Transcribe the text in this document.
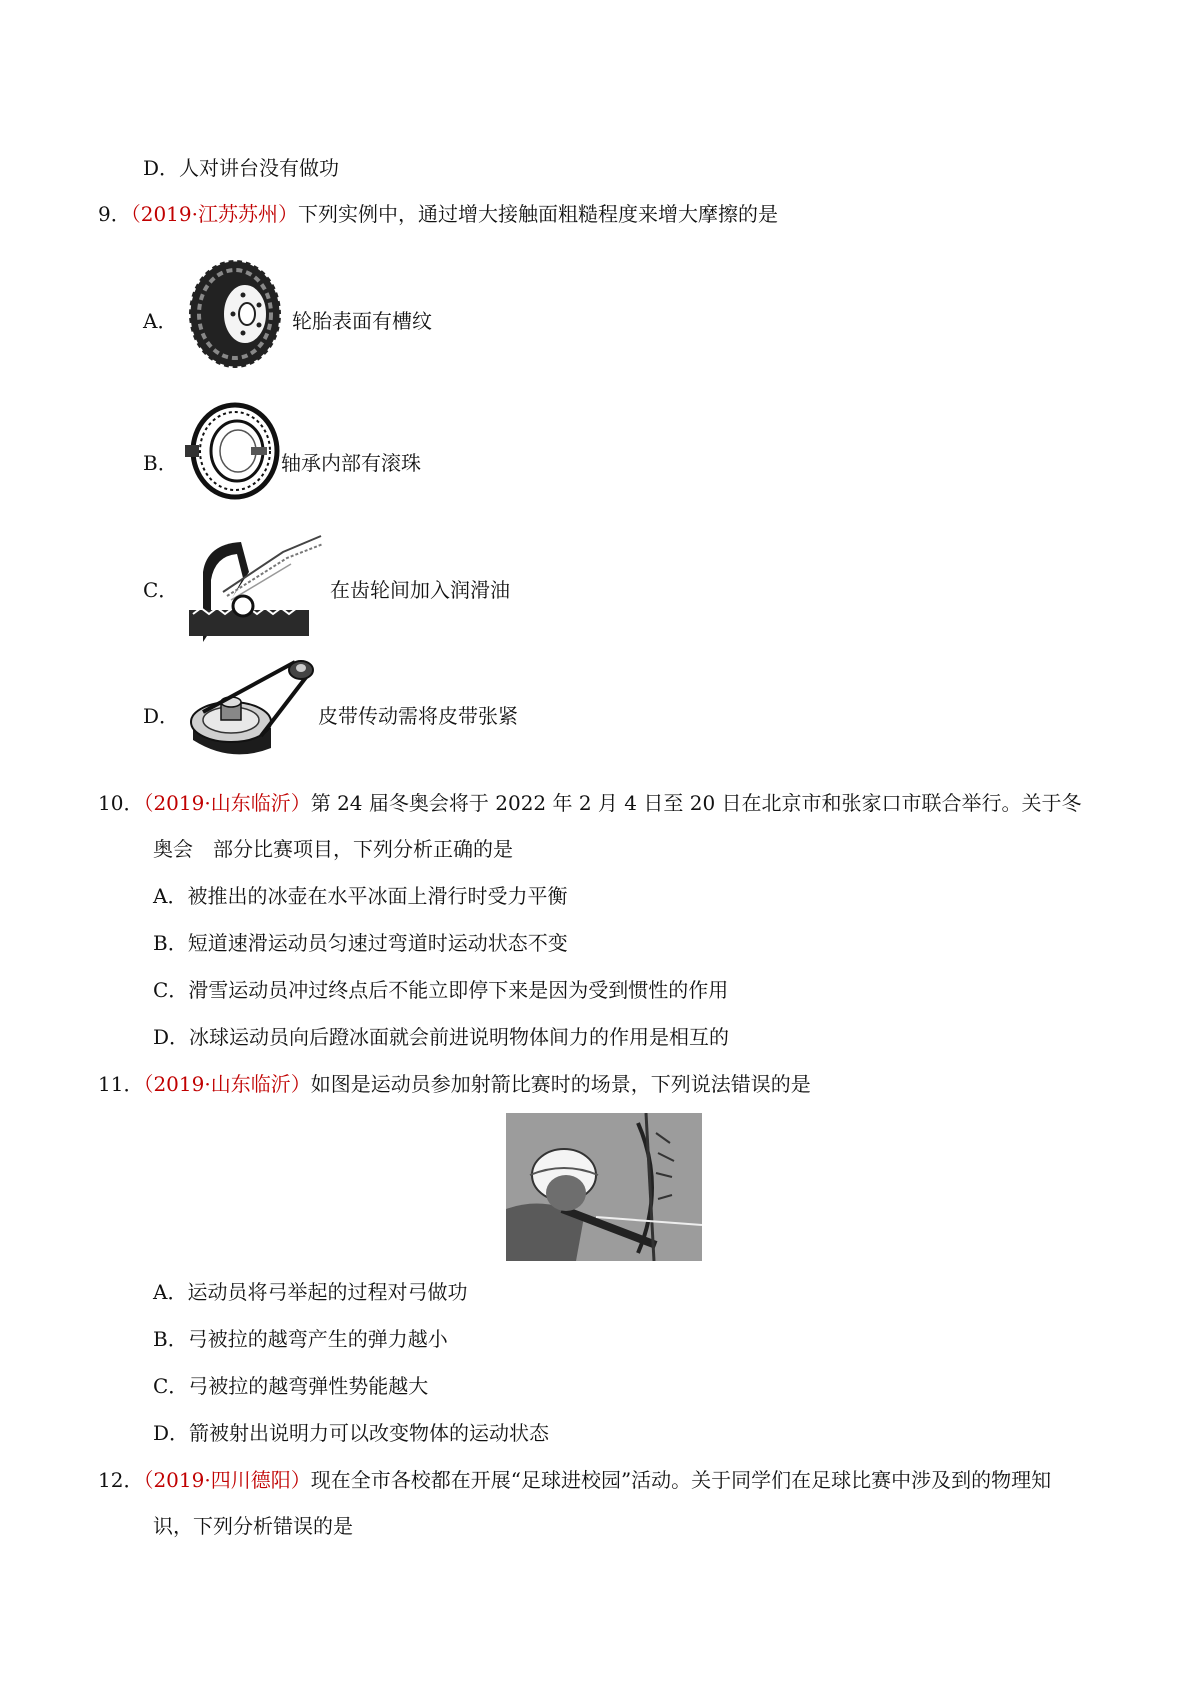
D．人对讲台没有做功
9．（2019·江苏苏州）下列实例中，通过增大接触面粗糙程度来增大摩擦的是
A．	轮胎表面有槽纹
B．	轴承内部有滚珠
C．	在齿轮间加入润滑油
D．	皮带传动需将皮带张紧
10．（2019·山东临沂）第 24 届冬奥会将于 2022 年 2 月 4 日至 20 日在北京市和张家口市联合举行。关于冬
奥会　部分比赛项目，下列分析正确的是
A．被推出的冰壶在水平冰面上滑行时受力平衡
B．短道速滑运动员匀速过弯道时运动状态不变
C．滑雪运动员冲过终点后不能立即停下来是因为受到惯性的作用
D．冰球运动员向后蹬冰面就会前进说明物体间力的作用是相互的
11．（2019·山东临沂）如图是运动员参加射箭比赛时的场景，下列说法错误的是
A．运动员将弓举起的过程对弓做功
B．弓被拉的越弯产生的弹力越小
C．弓被拉的越弯弹性势能越大
D．箭被射出说明力可以改变物体的运动状态
12．（2019·四川德阳）现在全市各校都在开展“足球进校园”活动。关于同学们在足球比赛中涉及到的物理知
识，下列分析错误的是
